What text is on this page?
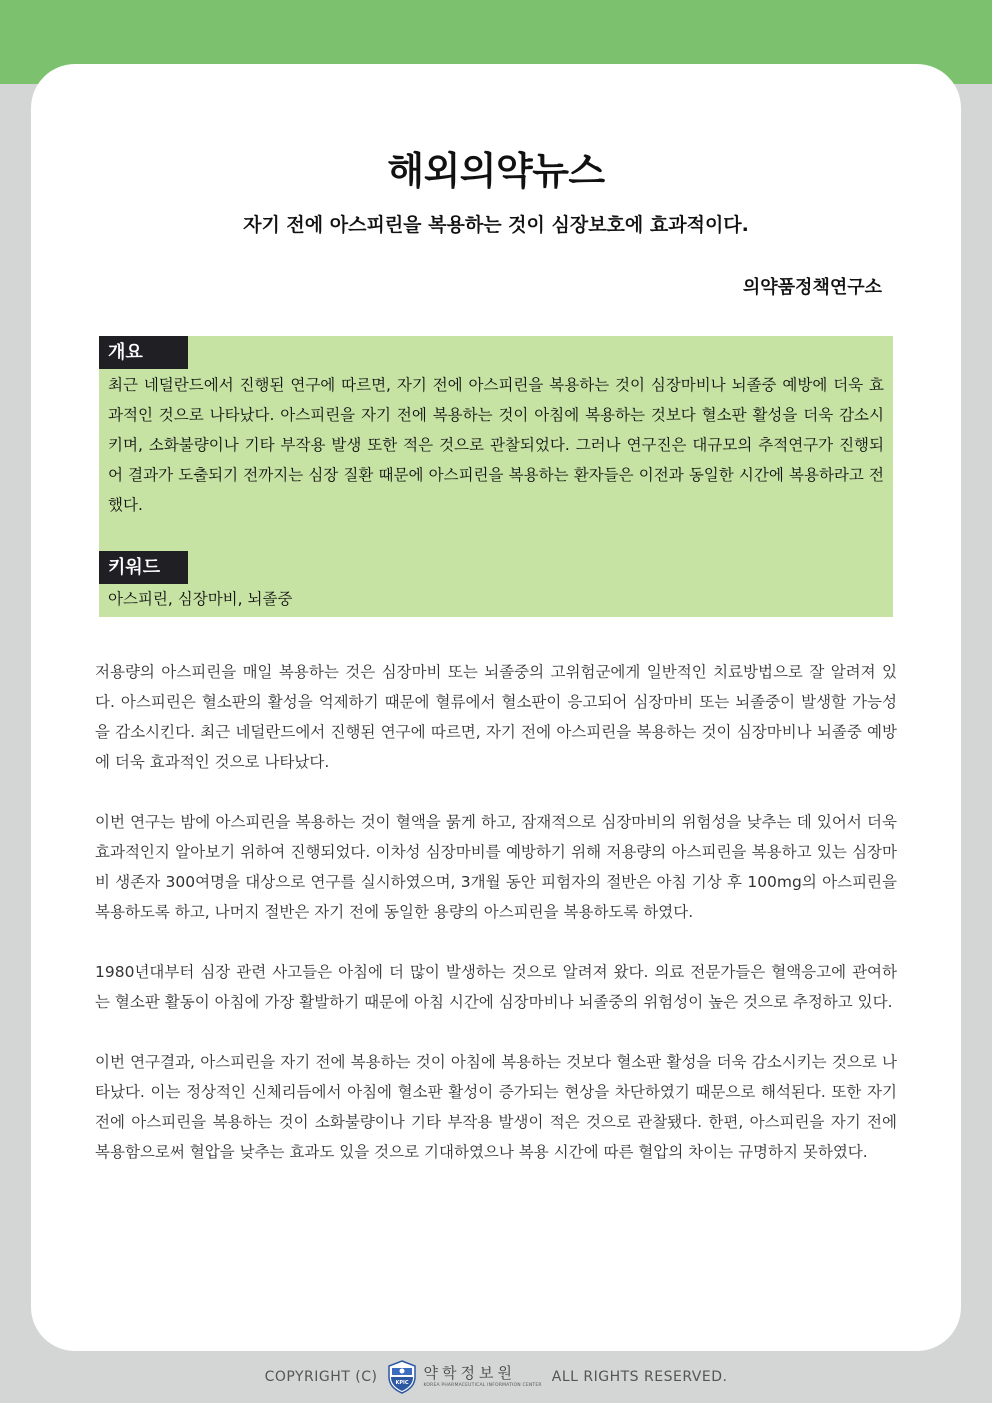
해외의약뉴스
자기 전에 아스피린을 복용하는 것이 심장보호에 효과적이다.
의약품정책연구소
개요

최근 네덜란드에서 진행된 연구에 따르면, 자기 전에 아스피린을 복용하는 것이 심장마비나 뇌졸중 예방에 더욱 효과적인 것으로 나타났다. 아스피린을 자기 전에 복용하는 것이 아침에 복용하는 것보다 혈소판 활성을 더욱 감소시키며, 소화불량이나 기타 부작용 발생 또한 적은 것으로 관찰되었다. 그러나 연구진은 대규모의 추적연구가 진행되어 결과가 도출되기 전까지는 심장 질환 때문에 아스피린을 복용하는 환자들은 이전과 동일한 시간에 복용하라고 전했다.

키워드

아스피린, 심장마비, 뇌졸중

저용량의 아스피린을 매일 복용하는 것은 심장마비 또는 뇌졸중의 고위험군에게 일반적인 치료방법으로 잘 알려져 있다. 아스피린은 혈소판의 활성을 억제하기 때문에 혈류에서 혈소판이 응고되어 심장마비 또는 뇌졸중이 발생할 가능성을 감소시킨다. 최근 네덜란드에서 진행된 연구에 따르면, 자기 전에 아스피린을 복용하는 것이 심장마비나 뇌졸중 예방에 더욱 효과적인 것으로 나타났다.

이번 연구는 밤에 아스피린을 복용하는 것이 혈액을 묽게 하고, 잠재적으로 심장마비의 위험성을 낮추는 데 있어서 더욱 효과적인지 알아보기 위하여 진행되었다. 이차성 심장마비를 예방하기 위해 저용량의 아스피린을 복용하고 있는 심장마비 생존자 300여명을 대상으로 연구를 실시하였으며, 3개월 동안 피험자의 절반은 아침 기상 후 100mg의 아스피린을 복용하도록 하고, 나머지 절반은 자기 전에 동일한 용량의 아스피린을 복용하도록 하였다.

1980년대부터 심장 관련 사고들은 아침에 더 많이 발생하는 것으로 알려져 왔다. 의료 전문가들은 혈액응고에 관여하는 혈소판 활동이 아침에 가장 활발하기 때문에 아침 시간에 심장마비나 뇌졸중의 위험성이 높은 것으로 추정하고 있다.

이번 연구결과, 아스피린을 자기 전에 복용하는 것이 아침에 복용하는 것보다 혈소판 활성을 더욱 감소시키는 것으로 나타났다. 이는 정상적인 신체리듬에서 아침에 혈소판 활성이 증가되는 현상을 차단하였기 때문으로 해석된다. 또한 자기 전에 아스피린을 복용하는 것이 소화불량이나 기타 부작용 발생이 적은 것으로 관찰됐다. 한편, 아스피린을 자기 전에 복용함으로써 혈압을 낮추는 효과도 있을 것으로 기대하였으나 복용 시간에 따른 혈압의 차이는 규명하지 못하였다.

COPYRIGHT (C)	KPIC
약학정보원
KOREA PHARMACEUTICAL INFORMATION CENTER
ALL RIGHTS RESERVED.
